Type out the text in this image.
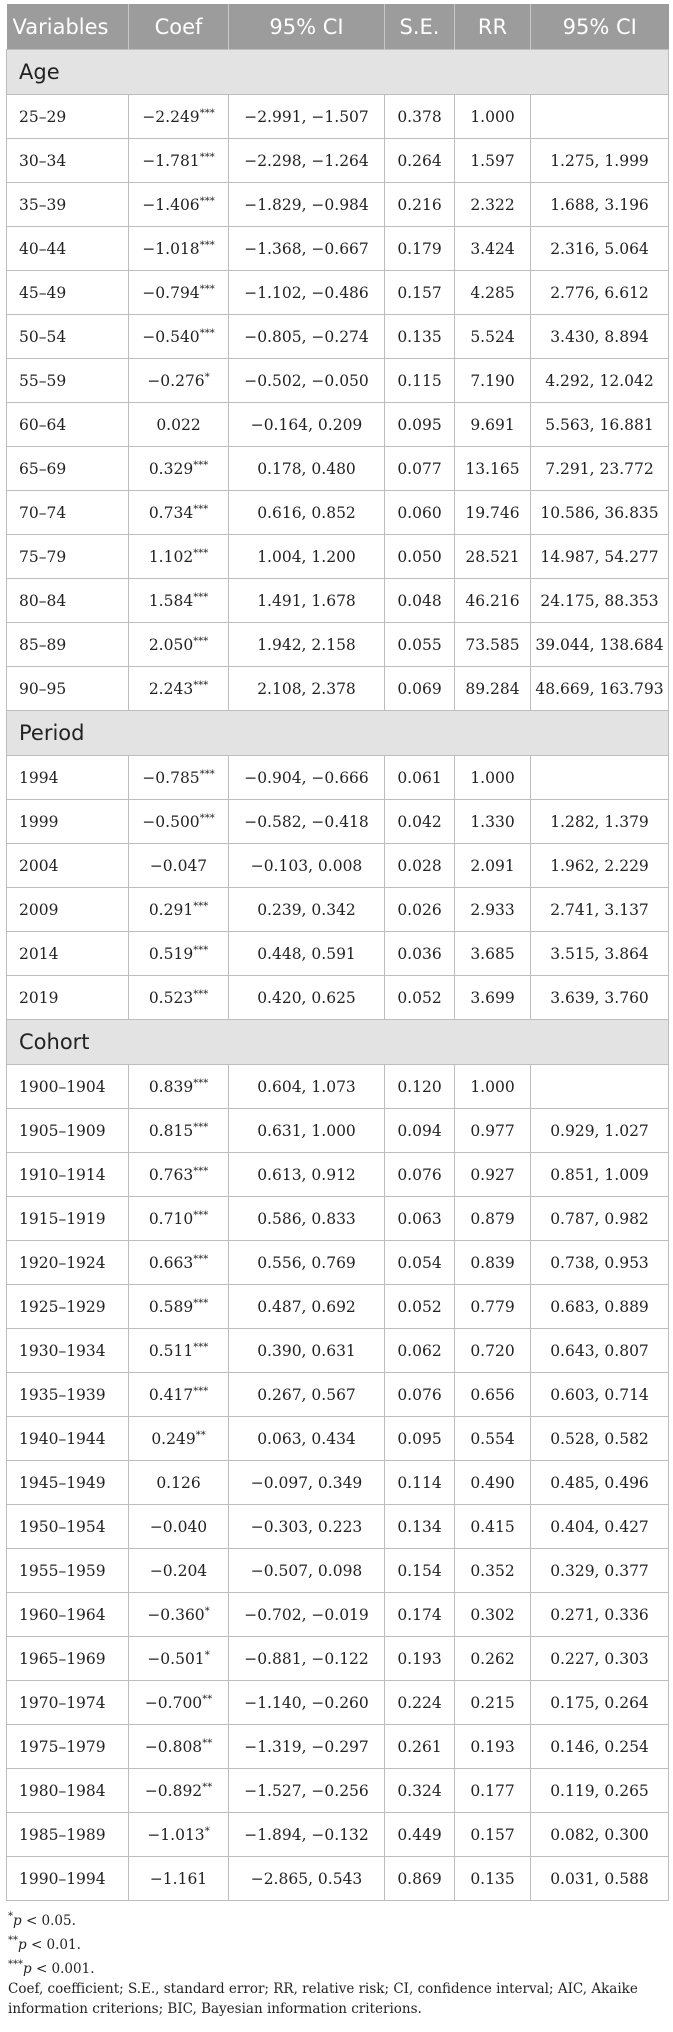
Variables	Coef	95% CI	S.E.	RR	95% CI
Age					
25–29	−2.249***	−2.991, −1.507	0.378	1.000	
30–34	−1.781***	−2.298, −1.264	0.264	1.597	1.275, 1.999
35–39	−1.406***	−1.829, −0.984	0.216	2.322	1.688, 3.196
40–44	−1.018***	−1.368, −0.667	0.179	3.424	2.316, 5.064
45–49	−0.794***	−1.102, −0.486	0.157	4.285	2.776, 6.612
50–54	−0.540***	−0.805, −0.274	0.135	5.524	3.430, 8.894
55–59	−0.276*	−0.502, −0.050	0.115	7.190	4.292, 12.042
60–64	0.022	−0.164, 0.209	0.095	9.691	5.563, 16.881
65–69	0.329***	0.178, 0.480	0.077	13.165	7.291, 23.772
70–74	0.734***	0.616, 0.852	0.060	19.746	10.586, 36.835
75–79	1.102***	1.004, 1.200	0.050	28.521	14.987, 54.277
80–84	1.584***	1.491, 1.678	0.048	46.216	24.175, 88.353
85–89	2.050***	1.942, 2.158	0.055	73.585	39.044, 138.684
90–95	2.243***	2.108, 2.378	0.069	89.284	48.669, 163.793
Period					
1994	−0.785***	−0.904, −0.666	0.061	1.000	
1999	−0.500***	−0.582, −0.418	0.042	1.330	1.282, 1.379
2004	−0.047	−0.103, 0.008	0.028	2.091	1.962, 2.229
2009	0.291***	0.239, 0.342	0.026	2.933	2.741, 3.137
2014	0.519***	0.448, 0.591	0.036	3.685	3.515, 3.864
2019	0.523***	0.420, 0.625	0.052	3.699	3.639, 3.760
Cohort					
1900–1904	0.839***	0.604, 1.073	0.120	1.000	
1905–1909	0.815***	0.631, 1.000	0.094	0.977	0.929, 1.027
1910–1914	0.763***	0.613, 0.912	0.076	0.927	0.851, 1.009
1915–1919	0.710***	0.586, 0.833	0.063	0.879	0.787, 0.982
1920–1924	0.663***	0.556, 0.769	0.054	0.839	0.738, 0.953
1925–1929	0.589***	0.487, 0.692	0.052	0.779	0.683, 0.889
1930–1934	0.511***	0.390, 0.631	0.062	0.720	0.643, 0.807
1935–1939	0.417***	0.267, 0.567	0.076	0.656	0.603, 0.714
1940–1944	0.249**	0.063, 0.434	0.095	0.554	0.528, 0.582
1945–1949	0.126	−0.097, 0.349	0.114	0.490	0.485, 0.496
1950–1954	−0.040	−0.303, 0.223	0.134	0.415	0.404, 0.427
1955–1959	−0.204	−0.507, 0.098	0.154	0.352	0.329, 0.377
1960–1964	−0.360*	−0.702, −0.019	0.174	0.302	0.271, 0.336
1965–1969	−0.501*	−0.881, −0.122	0.193	0.262	0.227, 0.303
1970–1974	−0.700**	−1.140, −0.260	0.224	0.215	0.175, 0.264
1975–1979	−0.808**	−1.319, −0.297	0.261	0.193	0.146, 0.254
1980–1984	−0.892**	−1.527, −0.256	0.324	0.177	0.119, 0.265
1985–1989	−1.013*	−1.894, −0.132	0.449	0.157	0.082, 0.300
1990–1994	−1.161	−2.865, 0.543	0.869	0.135	0.031, 0.588
*p < 0.05.
**p < 0.01.
***p < 0.001.
Coef, coefficient; S.E., standard error; RR, relative risk; CI, confidence interval; AIC, Akaike information criterions; BIC, Bayesian information criterions.
